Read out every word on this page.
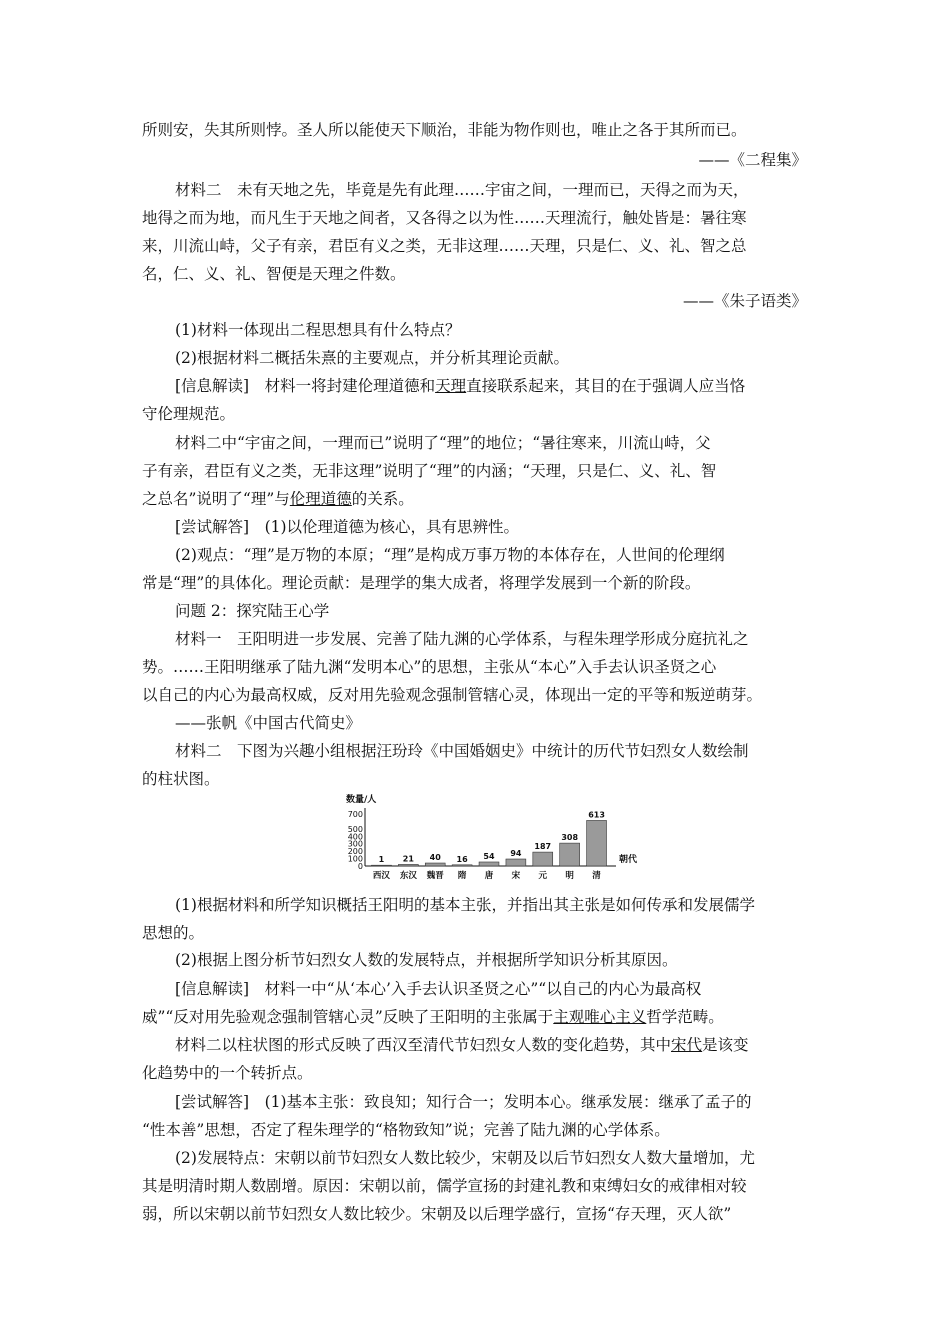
所则安，失其所则悖。圣人所以能使天下顺治，非能为物作则也，唯止之各于其所而已。
——《二程集》
材料二　未有天地之先，毕竟是先有此理……宇宙之间，一理而已，天得之而为天，
地得之而为地，而凡生于天地之间者，又各得之以为性……天理流行，触处皆是：暑往寒
来，川流山峙，父子有亲，君臣有义之类，无非这理……天理，只是仁、义、礼、智之总
名，仁、义、礼、智便是天理之件数。
——《朱子语类》
(1)材料一体现出二程思想具有什么特点？
(2)根据材料二概括朱熹的主要观点，并分析其理论贡献。
[信息解读]　材料一将封建伦理道德和天理直接联系起来，其目的在于强调人应当恪
守伦理规范。
材料二中“宇宙之间，一理而已”说明了“理”的地位；“暑往寒来，川流山峙，父
子有亲，君臣有义之类，无非这理”说明了“理”的内涵；“天理，只是仁、义、礼、智
之总名”说明了“理”与伦理道德的关系。
[尝试解答]　(1)以伦理道德为核心，具有思辨性。
(2)观点：“理”是万物的本原；“理”是构成万事万物的本体存在，人世间的伦理纲
常是“理”的具体化。理论贡献：是理学的集大成者，将理学发展到一个新的阶段。
问题 2：探究陆王心学
材料一　王阳明进一步发展、完善了陆九渊的心学体系，与程朱理学形成分庭抗礼之
势。……王阳明继承了陆九渊“发明本心”的思想，主张从“本心”入手去认识圣贤之心
以自己的内心为最高权威，反对用先验观念强制管辖心灵，体现出一定的平等和叛逆萌芽。
——张帆《中国古代简史》
材料二　下图为兴趣小组根据汪玢玲《中国婚姻史》中统计的历代节妇烈女人数绘制
的柱状图。
数量/人
700
500
400
300
200
100
0
1
西汉
21
东汉
40
魏晋
16
隋
54
唐
94
宋
187
元
308
明
613
清
朝代
(1)根据材料和所学知识概括王阳明的基本主张，并指出其主张是如何传承和发展儒学
思想的。
(2)根据上图分析节妇烈女人数的发展特点，并根据所学知识分析其原因。
[信息解读]　材料一中“从‘本心’入手去认识圣贤之心”“以自己的内心为最高权
威”“反对用先验观念强制管辖心灵”反映了王阳明的主张属于主观唯心主义哲学范畴。
材料二以柱状图的形式反映了西汉至清代节妇烈女人数的变化趋势，其中宋代是该变
化趋势中的一个转折点。
[尝试解答]　(1)基本主张：致良知；知行合一；发明本心。继承发展：继承了孟子的
“性本善”思想，否定了程朱理学的“格物致知”说；完善了陆九渊的心学体系。
(2)发展特点：宋朝以前节妇烈女人数比较少，宋朝及以后节妇烈女人数大量增加，尤
其是明清时期人数剧增。原因：宋朝以前，儒学宣扬的封建礼教和束缚妇女的戒律相对较
弱，所以宋朝以前节妇烈女人数比较少。宋朝及以后理学盛行，宣扬“存天理，灭人欲”
